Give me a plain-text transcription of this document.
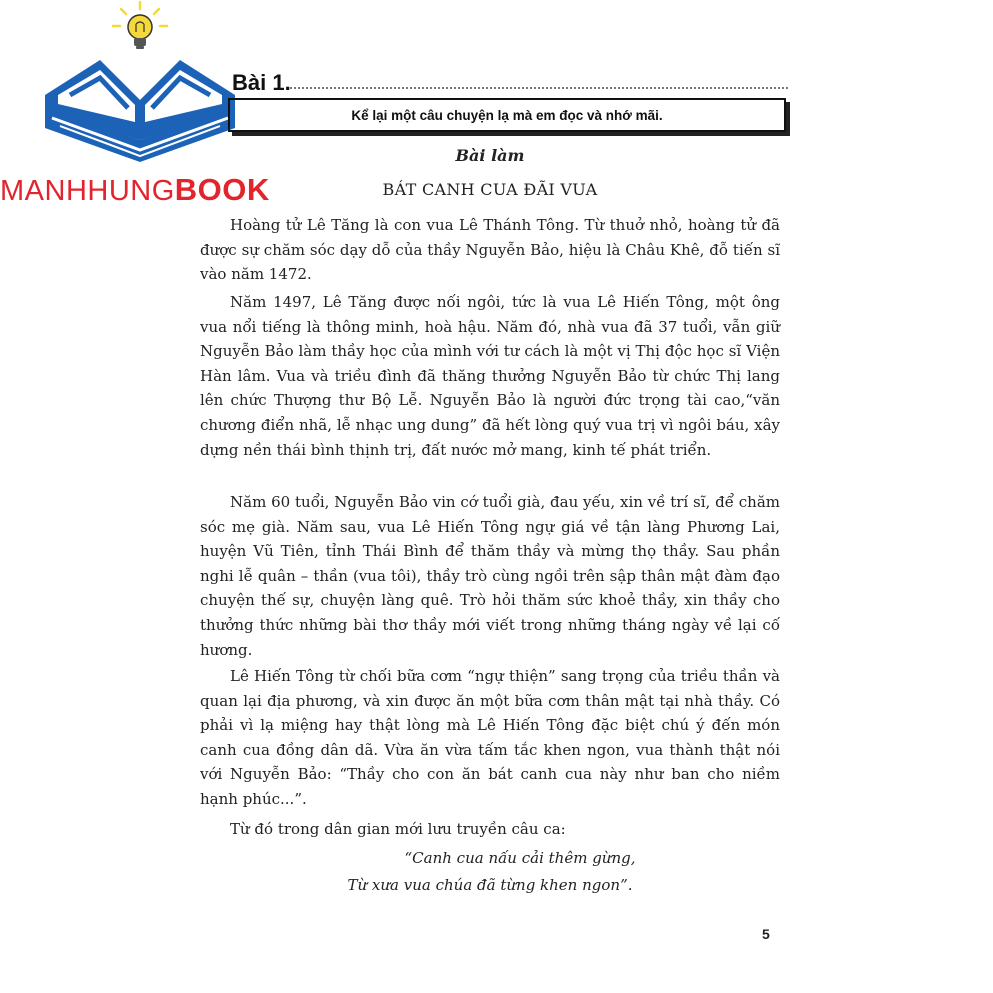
MANHHUNGBOOK
Bài 1.
Kể lại một câu chuyện lạ mà em đọc và nhớ mãi.
Bài làm
BÁT CANH CUA ĐÃI VUA

Hoàng tử Lê Tăng là con vua Lê Thánh Tông. Từ thuở nhỏ, hoàng tử đã được sự chăm sóc dạy dỗ của thầy Nguyễn Bảo, hiệu là Châu Khê, đỗ tiến sĩ vào năm 1472.

Năm 1497, Lê Tăng được nối ngôi, tức là vua Lê Hiến Tông, một ông vua nổi tiếng là thông minh, hoà hậu. Năm đó, nhà vua đã 37 tuổi, vẫn giữ Nguyễn Bảo làm thầy học của mình với tư cách là một vị Thị độc học sĩ Viện Hàn lâm. Vua và triều đình đã thăng thưởng Nguyễn Bảo từ chức Thị lang lên chức Thượng thư Bộ Lễ. Nguyễn Bảo là người đức trọng tài cao,“văn chương điển nhã, lễ nhạc ung dung” đã hết lòng quý vua trị vì ngôi báu, xây dựng nền thái bình thịnh trị, đất nước mở mang, kinh tế phát triển.

Năm 60 tuổi, Nguyễn Bảo vin cớ tuổi già, đau yếu, xin về trí sĩ, để chăm sóc mẹ già. Năm sau, vua Lê Hiến Tông ngự giá về tận làng Phương Lai, huyện Vũ Tiên, tỉnh Thái Bình để thăm thầy và mừng thọ thầy. Sau phần nghi lễ quân – thần (vua tôi), thầy trò cùng ngồi trên sập thân mật đàm đạo chuyện thế sự, chuyện làng quê. Trò hỏi thăm sức khoẻ thầy, xin thầy cho thưởng thức những bài thơ thầy mới viết trong những tháng ngày về lại cố hương.

Lê Hiến Tông từ chối bữa cơm “ngự thiện” sang trọng của triều thần và quan lại địa phương, và xin được ăn một bữa cơm thân mật tại nhà thầy. Có phải vì lạ miệng hay thật lòng mà Lê Hiến Tông đặc biệt chú ý đến món canh cua đồng dân dã. Vừa ăn vừa tấm tắc khen ngon, vua thành thật nói với Nguyễn Bảo: “Thầy cho con ăn bát canh cua này như ban cho niềm hạnh phúc...”.

Từ đó trong dân gian mới lưu truyền câu ca:

“Canh cua nấu cải thêm gừng,
Từ xưa vua chúa đã từng khen ngon”.
5
